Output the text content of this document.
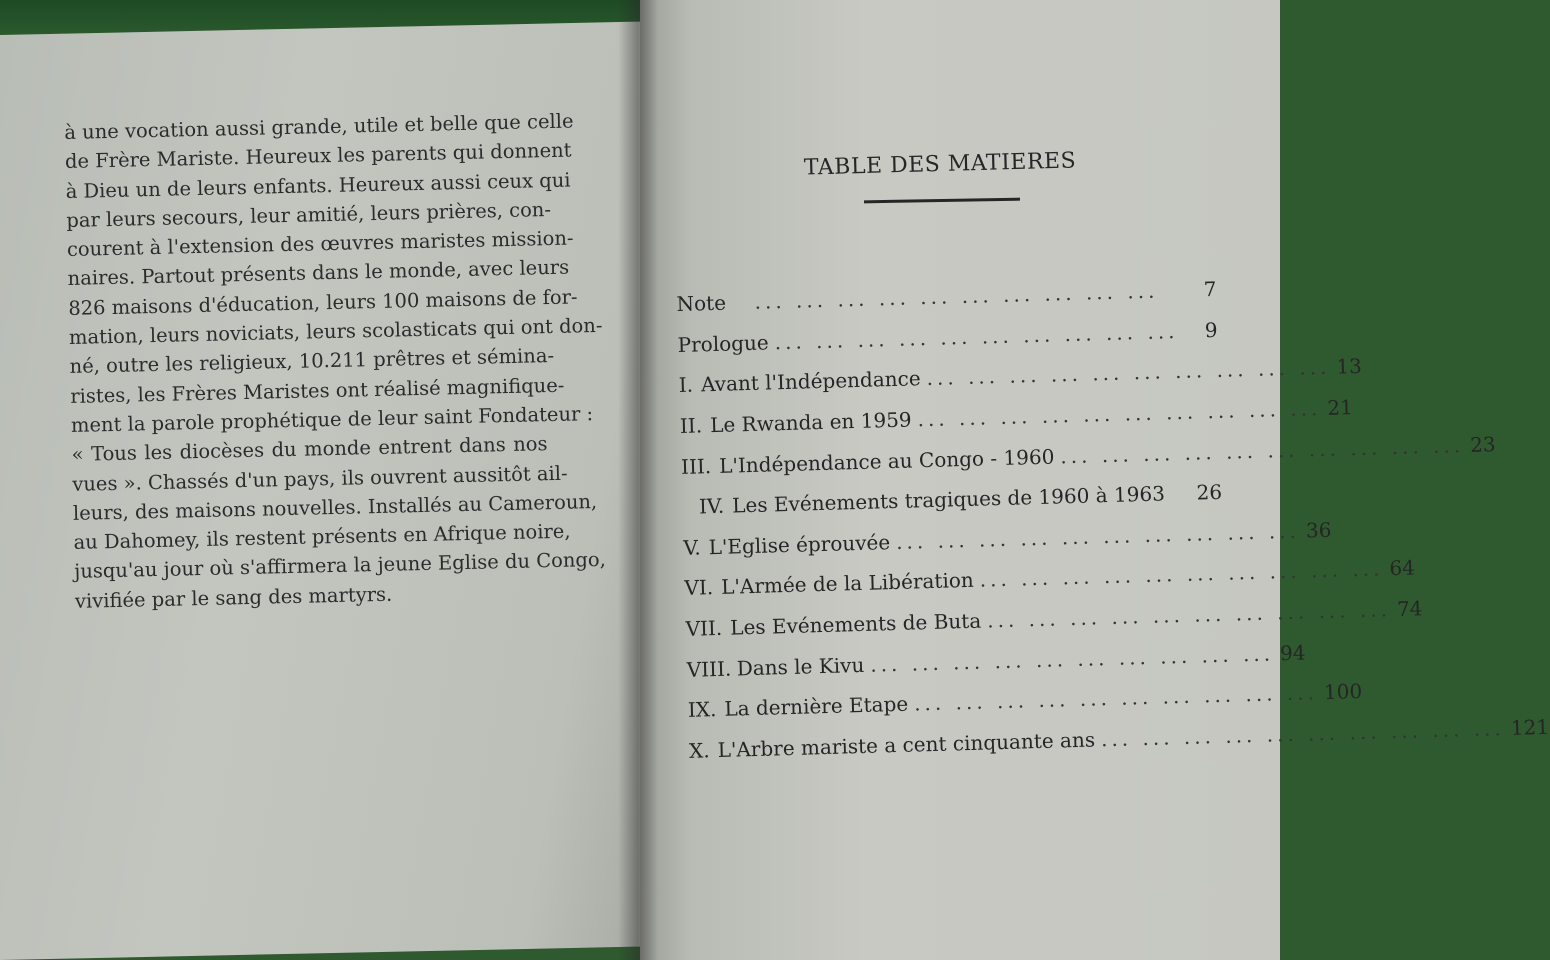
à une vocation aussi grande, utile et belle que celle
de Frère Mariste. Heureux les parents qui donnent
à Dieu un de leurs enfants. Heureux aussi ceux qui
par leurs secours, leur amitié, leurs prières, con-
courent à l'extension des œuvres maristes mission-
naires. Partout présents dans le monde, avec leurs
826 maisons d'éducation, leurs 100 maisons de for-
mation, leurs noviciats, leurs scolasticats qui ont don-
né, outre les religieux, 10.211 prêtres et sémina-
ristes, les Frères Maristes ont réalisé magnifique-
ment la parole prophétique de leur saint Fondateur :
« Tous les diocèses du monde entrent dans nos
vues ». Chassés d'un pays, ils ouvrent aussitôt ail-
leurs, des maisons nouvelles. Installés au Cameroun,
au Dahomey, ils restent présents en Afrique noire,
jusqu'au jour où s'affirmera la jeune Eglise du Congo,
vivifiée par le sang des martyrs.
TABLE DES MATIERES
Note	... ... ... ... ... ... ... ... ... ...	7
Prologue ... ... ... ... ... ... ... ... ... ...	9
I. Avant l'Indépendance ... ... ... ... ... ... ... ... ... ... 13
II. Le Rwanda en 1959 ... ... ... ... ... ... ... ... ... ... 21
III. L'Indépendance au Congo - 1960 ... ... ... ... ... ... ... ... ... ... 23
IV. Les Evénements tragiques de 1960 à 1963	26
V. L'Eglise éprouvée ... ... ... ... ... ... ... ... ... ... 36
VI. L'Armée de la Libération ... ... ... ... ... ... ... ... ... ... 64
VII. Les Evénements de Buta ... ... ... ... ... ... ... ... ... ... 74
VIII. Dans le Kivu ... ... ... ... ... ... ... ... ... ... 94
IX. La dernière Etape ... ... ... ... ... ... ... ... ... ... 100
X. L'Arbre mariste a cent cinquante ans ... ... ... ... ... ... ... ... ... ... 121
